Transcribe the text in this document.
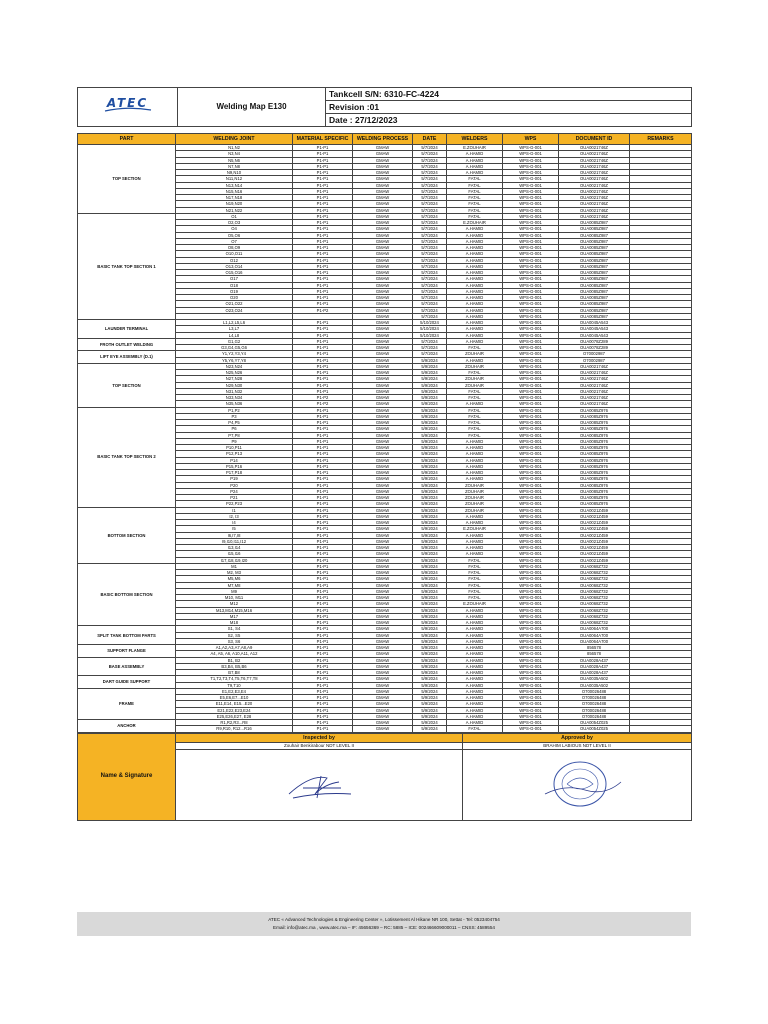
ATEC	Welding Map E130	Tankcell S/N: 6310-FC-4224
Revision :01
Date : 27/12/2023
PART	WELDING JOINT	MATERIAL SPECIFIC	WELDING PROCESS	DATE	WELDERS	WPS	DOCUMENT ID	REMARKS
TOP SECTION	N1,N2	P1-P1	GMAW	5/7/2024	E.ZOUHAIR	WPS-G-001	OUA0021746Z	
	N3,N4	P1-P1	GMAW	5/7/2024	A.HAMID	WPS-G-001	OUA0021746Z	
	N5,N6	P1-P1	GMAW	5/7/2024	A.HAMID	WPS-G-001	OUA0021746Z	
	N7,N8	P1-P1	GMAW	5/7/2024	A.HAMID	WPS-G-001	OUA0021746Z	
	N9,N10	P1-P1	GMAW	5/7/2024	A.HAMID	WPS-G-001	OUA0021746Z	
	N11,N12	P1-P1	GMAW	5/7/2024	FATAL	WPS-G-001	OUA0021746Z	
	N13,N14	P1-P1	GMAW	5/7/2024	FATAL	WPS-G-001	OUA0021746Z	
	N15,N16	P1-P1	GMAW	5/7/2024	FATAL	WPS-G-001	OUA0021746Z	
	N17,N18	P1-P1	GMAW	5/7/2024	FATAL	WPS-G-001	OUA0021746Z	
	N19,N20	P1-P1	GMAW	5/7/2024	FATAL	WPS-G-001	OUA0021746Z	
	N21,N22	P1-P1	GMAW	5/7/2024	FATAL	WPS-G-001	OUA0021746Z	
BASIC TANK TOP SECTION 1	O1	P1-P1	GMAW	5/7/2024	FATAL	WPS-G-001	OUA0021746Z	
	O2,O3	P1-P1	GMAW	5/7/2024	E.ZOUHAIR	WPS-G-001	OUA0085Z987	
	O4	P1-P1	GMAW	5/7/2024	A.HAMID	WPS-G-001	OUA0085Z987	
	O5,O6	P1-P1	GMAW	5/7/2024	A.HAMID	WPS-G-001	OUA0085Z987	
	O7	P1-P1	GMAW	5/7/2024	A.HAMID	WPS-G-001	OUA0085Z987	
	O8,O9	P1-P1	GMAW	5/7/2024	A.HAMID	WPS-G-001	OUA0085Z987	
	O10,O11	P1-P1	GMAW	5/7/2024	A.HAMID	WPS-G-001	OUA0085Z987	
	O12	P1-P1	GMAW	5/7/2024	A.HAMID	WPS-G-001	OUA0085Z987	
	O13,O14	P1-P1	GMAW	5/7/2024	A.HAMID	WPS-G-001	OUA0085Z987	
	O15,O16	P1-P1	GMAW	5/7/2024	A.HAMID	WPS-G-001	OUA0085Z987	
	O17	P1-P1	GMAW	5/7/2024	A.HAMID	WPS-G-001	OUA0085Z987	
	O18	P1-P1	GMAW	5/7/2024	A.HAMID	WPS-G-001	OUA0085Z987	
	O19	P1-P1	GMAW	5/7/2024	A.HAMID	WPS-G-001	OUA0085Z987	
	O20	P1-P1	GMAW	5/7/2024	A.HAMID	WPS-G-001	OUA0085Z987	
	O21,O22	P1-P1	GMAW	5/7/2024	A.HAMID	WPS-G-001	OUA0085Z987	
	O23,O24	P1-P2	GMAW	5/7/2024	A.HAMID	WPS-G-001	OUA0085Z987	
			GMAW	5/7/2024	A.HAMID	WPS-G-001	OUA0085Z987	
LAUNDER TERMINAL	L1,L2,L5,L6	P1-P1	GMAW	5/10/2024	A.HAMID	WPS-G-001	OUA0045A543	
	L3,L7	P1-P1	GMAW	5/10/2024	A.HAMID	WPS-G-001	OUA0045A543	
	L4,L8	P1-P1	GMAW	5/10/2024	A.HAMID	WPS-G-001	OUA0045A543	
FROTH OUTLET WELDING	G1,G2	P1-P1	GMAW	5/7/2024	A.HAMID	WPS-G-001	OUA0078Z289	
	G3,G4,G5,G6	P1-P1	GMAW	5/7/2024	FATAL	WPS-G-001	OUA0078Z289	
LIFT EYE ASSEMBLY (D.1)	Y1,Y2,Y3,Y4	P1-P1	GMAW	5/7/2024	ZOUHAIR	WPS-G-001	O70002987	
	Y5,Y6,Y7,Y8	P1-P1	GMAW	5/9/2024	A.HAMID	WPS-G-001	O70002987	
TOP SECTION	N23,N24	P1-P1	GMAW	5/9/2024	ZOUHAIR	WPS-G-001	OUA0021746Z	
	N25,N26	P1-P1	GMAW	5/9/2024	FATAL	WPS-G-001	OUA0021746Z	
	N27,N28	P1-P1	GMAW	5/9/2024	ZOUHAIR	WPS-G-001	OUA0021746Z	
	N29,N30	P1-P1	GMAW	5/9/2024	ZOUHAIR	WPS-G-001	OUA0021746Z	
	N31,N32	P1-P1	GMAW	5/9/2024	FATAL	WPS-G-001	OUA0021746Z	
	N33,N34	P1-P2	GMAW	5/9/2024	FATAL	WPS-G-001	OUA0021746Z	
	N35,N36	P1-P2	GMAW	5/9/2024	A.HAMID	WPS-G-001	OUA0021746Z	
BASIC TANK TOP SECTION 2	P1,P2	P1-P1	GMAW	5/9/2024	FATAL	WPS-G-001	OUA0085Z976	
	P3	P1-P1	GMAW	5/9/2024	FATAL	WPS-G-001	OUA0085Z976	
	P4,P5	P1-P1	GMAW	5/9/2024	FATAL	WPS-G-001	OUA0085Z976	
	P6	P1-P1	GMAW	5/9/2024	FATAL	WPS-G-001	OUA0085Z976	
	P7,P8	P1-P1	GMAW	5/9/2024	FATAL	WPS-G-001	OUA0085Z976	
	P9	P1-P1	GMAW	5/9/2024	A.HAMID	WPS-G-001	OUA0085Z976	
	P10,P11	P1-P1	GMAW	5/9/2024	A.HAMID	WPS-G-001	OUA0085Z976	
	P12,P13	P1-P1	GMAW	5/9/2024	A.HAMID	WPS-G-001	OUA0085Z976	
	P14	P1-P1	GMAW	5/9/2024	A.HAMID	WPS-G-001	OUA0085Z976	
	P15,P16	P1-P1	GMAW	5/9/2024	A.HAMID	WPS-G-001	OUA0085Z976	
	P17,P18	P1-P1	GMAW	5/9/2024	A.HAMID	WPS-G-001	OUA0085Z976	
	P19	P1-P1	GMAW	5/9/2024	A.HAMID	WPS-G-001	OUA0085Z976	
	P20	P1-P1	GMAW	5/9/2024	ZOUHAIR	WPS-G-001	OUA0085Z976	
	P24	P1-P1	GMAW	5/9/2024	ZOUHAIR	WPS-G-001	OUA0085Z976	
	P21	P1-P1	GMAW	5/9/2024	ZOUHAIR	WPS-G-001	OUA0085Z976	
	P22,P23	P1-P1	GMAW	5/9/2024	ZOUHAIR	WPS-G-001	OUA0085Z976	
BOTTOM SECTION	I1	P1-P1	GMAW	5/9/2024	ZOUHAIR	WPS-G-001	OUA0021Z459	
	I2, I3	P1-P1	GMAW	5/9/2024	A.HAMID	WPS-G-001	OUA0021Z459	
	I4	P1-P1	GMAW	5/9/2024	A.HAMID	WPS-G-001	OUA0021Z459	
	I5	P1-P1	GMAW	5/9/2024	E.ZOUHAIR	WPS-G-001	OUA0021Z459	
	I6,I7,I8	P1-P1	GMAW	5/9/2024	A.HAMID	WPS-G-001	OUA0021Z459	
	I9,I10,I11,I12	P1-P1	GMAW	5/9/2024	A.HAMID	WPS-G-001	OUA0021Z459	
	I13,I14	P1-P1	GMAW	5/9/2024	A.HAMID	WPS-G-001	OUA0021Z459	
	I15,I16	P1-P1	GMAW	5/9/2024	A.HAMID	WPS-G-001	OUA0021Z459	
	I17,I18,I19,I20	P1-P1	GMAW	5/9/2024	FATAL	WPS-G-001	OUA0021Z459	
BASIC BOTTOM SECTION	M1	P1-P1	GMAW	5/9/2024	FATAL	WPS-G-001	OUA0068Z732	
	M2, M3	P1-P1	GMAW	5/9/2024	FATAL	WPS-G-001	OUA0068Z732	
	M5,M6	P1-P1	GMAW	5/9/2024	FATAL	WPS-G-001	OUA0068Z732	
	M7,M8	P1-P1	GMAW	5/9/2024	FATAL	WPS-G-001	OUA0068Z732	
	M9	P1-P1	GMAW	5/9/2024	FATAL	WPS-G-001	OUA0068Z732	
	M10, M11	P1-P1	GMAW	5/9/2024	FATAL	WPS-G-001	OUA0068Z732	
	M12	P1-P1	GMAW	5/9/2024	E.ZOUHAIR	WPS-G-001	OUA0068Z732	
	M13,M14,M15,M16	P1-P1	GMAW	5/9/2024	A.HAMID	WPS-G-001	OUA0068Z732	
	M17	P1-P1	GMAW	5/9/2024	A.HAMID	WPS-G-001	OUA0068Z732	
	M18	P1-P1	GMAW	5/9/2024	A.HAMID	WPS-G-001	OUA0068Z732	
SPLIT TANK BOTTOM PARTS	S1, S4	P1-P1	GMAW	5/9/2024	A.HAMID	WPS-G-001	OUA0064A700	
	S2, S5	P1-P1	GMAW	5/9/2024	A.HAMID	WPS-G-001	OUA0064A700	
	S3, S6	P1-P1	GMAW	5/9/2024	A.HAMID	WPS-G-001	OUA0064A700	
SUPPORT FLANGE	A1,A2,A3,A7,A8,A9	P1-P1	GMAW	5/9/2024	A.HAMID	WPS-G-001	856578	
	A4, A5, A6, A10,A11, A12	P1-P1	GMAW	5/9/2024	A.HAMID	WPS-G-001	856578	
BASE ASSEMBLY	B1, B2	P1-P1	GMAW	5/9/2024	A.HAMID	WPS-G-001	OUA0028A437	
	B3,B4, B5,B6	P1-P1	GMAW	5/9/2024	A.HAMID	WPS-G-001	OUA0028A437	
	B7,B8	P1-P1	GMAW	5/9/2024	A.HAMID	WPS-G-001	OUA0028A437	
DART GUIDE SUPPORT	T1,T2,T3,T4,T5,T6,T7,T8	P1-P1	GMAW	5/9/2024	A.HAMID	WPS-G-001	OUA0035A502	
	T9,T10	P1-P1	GMAW	5/9/2024	A.HAMID	WPS-G-001	OUA0035A502	
FRAME	E1,E2,E3,E4	P1-P1	GMAW	5/9/2024	A.HAMID	WPS-G-001	O700026488	
	E5,E6,E7...E10	P1-P1	GMAW	5/9/2024	A.HAMID	WPS-G-001	O700026488	
	E11,E14, E15...E20	P1-P1	GMAW	5/9/2024	A.HAMID	WPS-G-001	O700026488	
	E21,E22,E23,E24	P1-P1	GMAW	5/9/2024	A.HAMID	WPS-G-001	O700026488	
	E25,E26,E27, E28	P1-P1	GMAW	5/9/2024	A.HAMID	WPS-G-001	O700026488	
ANCHOR	R1,R2,R3...R8	P1-P1	GMAW	5/9/2024	A.HAMID	WPS-G-001	OUA0054Z025	
	R9,R10, R12...R16	P1-P1	GMAW	5/9/2024	FATAL	WPS-G-001	OUA0054Z025	
Name & Signature	Inspected by	Approved by
	Zouhair Benkirabour NDT LEVEL II	BRAHIM LABIOUS NDT LEVEL II

ATEC « Advanced Technologies & Engineering Center », Lotissement Al Hikane NR 100, Settat - Tel: 0523404754
Email: info@atec.ma , www.atec.ma – IF: 45656369 – RC: 5885 – ICE: 002466609000011 – CNSS: 4589554
